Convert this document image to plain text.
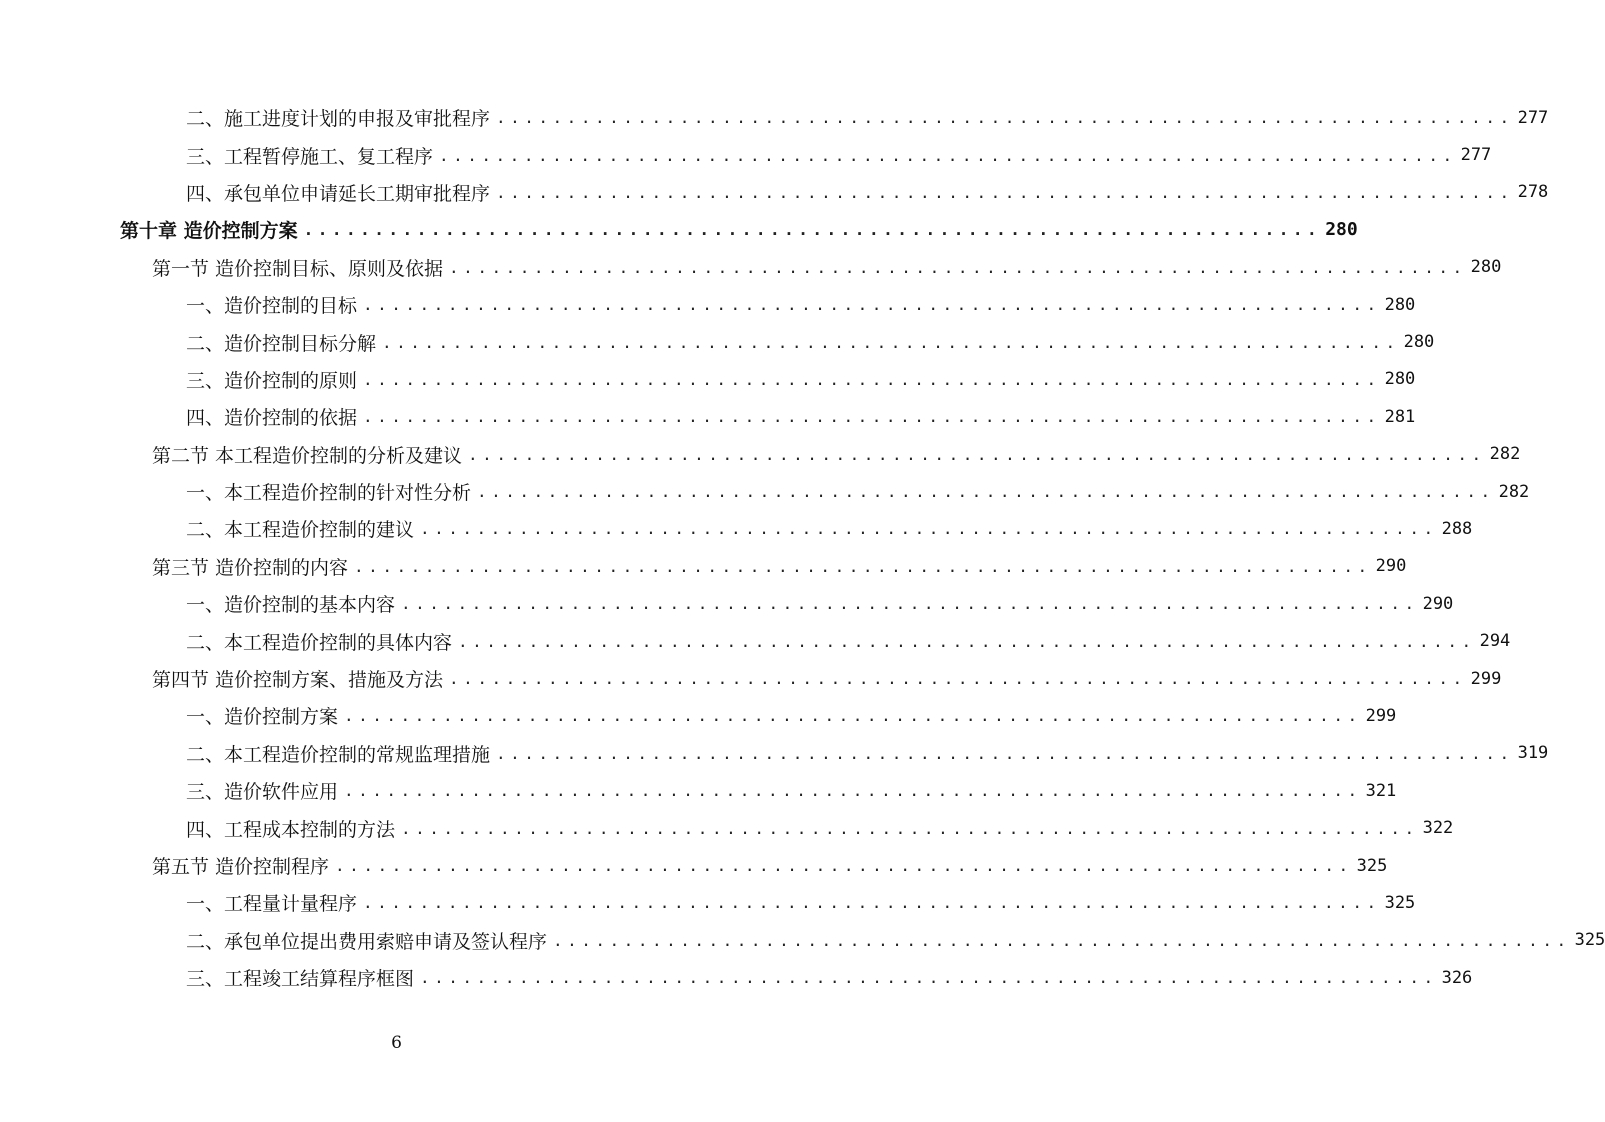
二、施工进度计划的申报及审批程序 ........................................................................ 277
三、工程暂停施工、复工程序 ........................................................................ 277
四、承包单位申请延长工期审批程序 ........................................................................ 278
第十章 造价控制方案 ........................................................................ 280
第一节 造价控制目标、原则及依据 ........................................................................ 280
一、造价控制的目标 ........................................................................ 280
二、造价控制目标分解 ........................................................................ 280
三、造价控制的原则 ........................................................................ 280
四、造价控制的依据 ........................................................................ 281
第二节 本工程造价控制的分析及建议 ........................................................................ 282
一、本工程造价控制的针对性分析 ........................................................................ 282
二、本工程造价控制的建议 ........................................................................ 288
第三节 造价控制的内容 ........................................................................ 290
一、造价控制的基本内容 ........................................................................ 290
二、本工程造价控制的具体内容 ........................................................................ 294
第四节 造价控制方案、措施及方法 ........................................................................ 299
一、造价控制方案 ........................................................................ 299
二、本工程造价控制的常规监理措施 ........................................................................ 319
三、造价软件应用 ........................................................................ 321
四、工程成本控制的方法 ........................................................................ 322
第五节 造价控制程序 ........................................................................ 325
一、工程量计量程序 ........................................................................ 325
二、承包单位提出费用索赔申请及签认程序 ........................................................................ 325
三、工程竣工结算程序框图 ........................................................................ 326
6
